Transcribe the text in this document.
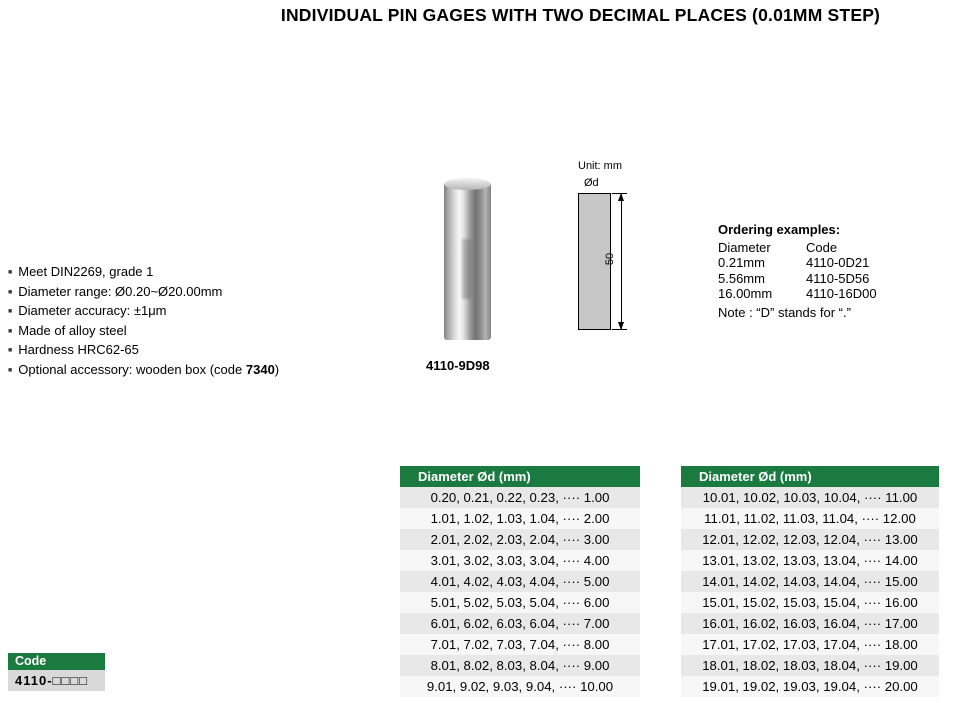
INDIVIDUAL PIN GAGES WITH TWO DECIMAL PLACES (0.01MM STEP)
■ Meet DIN2269, grade 1
■ Diameter range: Ø0.20~Ø20.00mm
■ Diameter accuracy: ±1μm
■ Made of alloy steel
■ Hardness HRC62-65
■ Optional accessory: wooden box (code 7340)	4110-9D98
Unit: mm
Ød
50
Ordering examples:
Diameter	Code
0.21mm	4110-0D21
5.56mm	4110-5D56
16.00mm	4110-16D00
Note : “D” stands for “.”
Diameter Ød (mm)
0.20, 0.21, 0.22, 0.23, ···· 1.00
1.01, 1.02, 1.03, 1.04, ···· 2.00
2.01, 2.02, 2.03, 2.04, ···· 3.00
3.01, 3.02, 3.03, 3.04, ···· 4.00
4.01, 4.02, 4.03, 4.04, ···· 5.00
5.01, 5.02, 5.03, 5.04, ···· 6.00
6.01, 6.02, 6.03, 6.04, ···· 7.00
7.01, 7.02, 7.03, 7.04, ···· 8.00
8.01, 8.02, 8.03, 8.04, ···· 9.00
9.01, 9.02, 9.03, 9.04, ···· 10.00
Diameter Ød (mm)
10.01, 10.02, 10.03, 10.04, ···· 11.00
11.01, 11.02, 11.03, 11.04, ···· 12.00
12.01, 12.02, 12.03, 12.04, ···· 13.00
13.01, 13.02, 13.03, 13.04, ···· 14.00
14.01, 14.02, 14.03, 14.04, ···· 15.00
15.01, 15.02, 15.03, 15.04, ···· 16.00
16.01, 16.02, 16.03, 16.04, ···· 17.00
17.01, 17.02, 17.03, 17.04, ···· 18.00
18.01, 18.02, 18.03, 18.04, ···· 19.00
19.01, 19.02, 19.03, 19.04, ···· 20.00
Code
4110-□□□□
